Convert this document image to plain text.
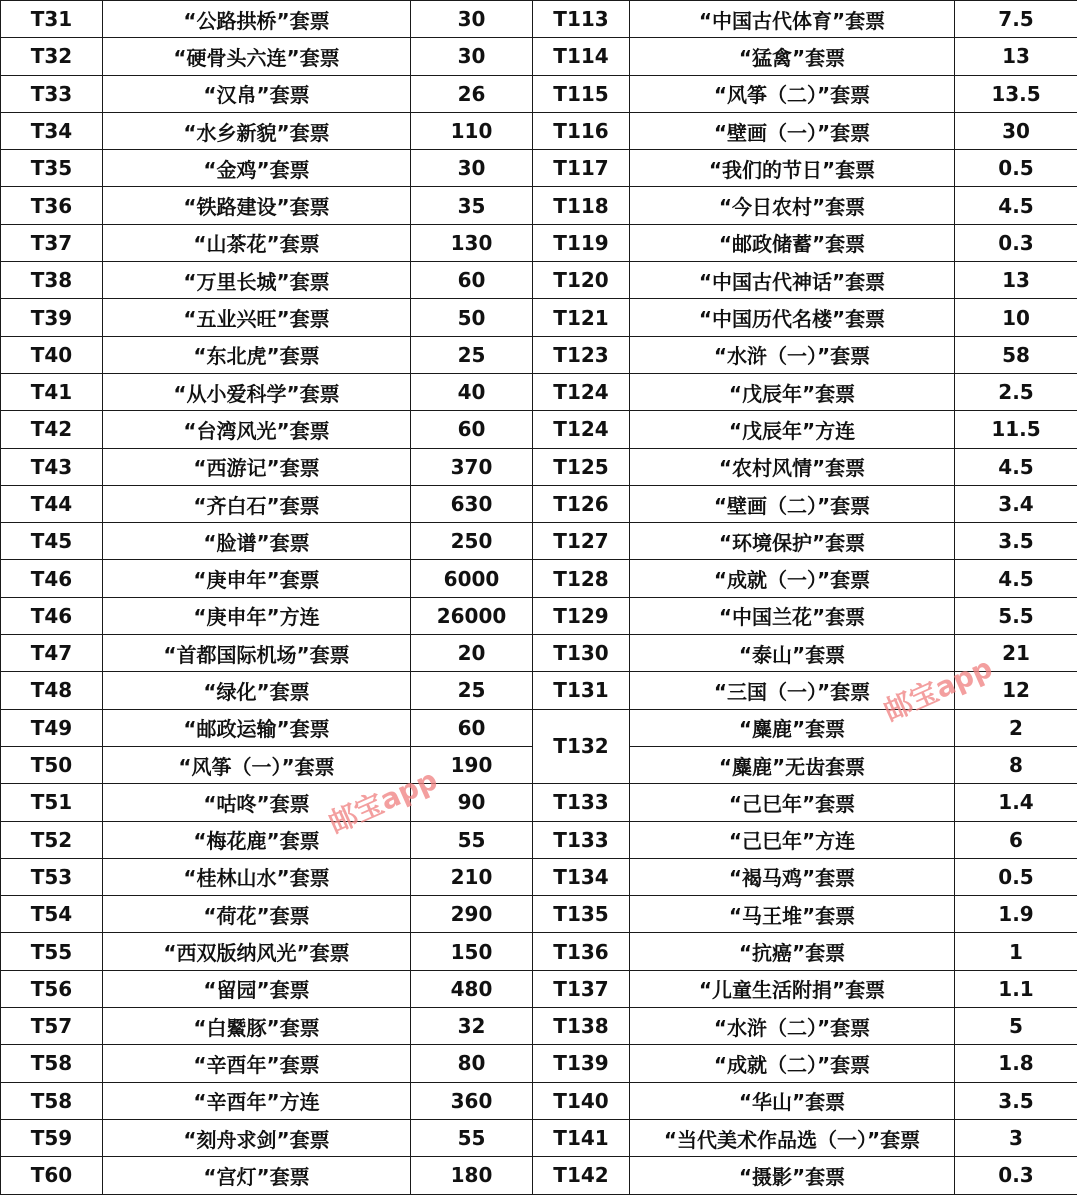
T31	“公路拱桥”套票	30	T113	“中国古代体育”套票	7.5
T32	“硬骨头六连”套票	30	T114	“猛禽”套票	13
T33	“汉帛”套票	26	T115	“风筝（二）”套票	13.5
T34	“水乡新貌”套票	110	T116	“壁画（一）”套票	30
T35	“金鸡”套票	30	T117	“我们的节日”套票	0.5
T36	“铁路建设”套票	35	T118	“今日农村”套票	4.5
T37	“山茶花”套票	130	T119	“邮政储蓄”套票	0.3
T38	“万里长城”套票	60	T120	“中国古代神话”套票	13
T39	“五业兴旺”套票	50	T121	“中国历代名楼”套票	10
T40	“东北虎”套票	25	T123	“水浒（一）”套票	58
T41	“从小爱科学”套票	40	T124	“戊辰年”套票	2.5
T42	“台湾风光”套票	60	T124	“戊辰年”方连	11.5
T43	“西游记”套票	370	T125	“农村风情”套票	4.5
T44	“齐白石”套票	630	T126	“壁画（二）”套票	3.4
T45	“脸谱”套票	250	T127	“环境保护”套票	3.5
T46	“庚申年”套票	6000	T128	“成就（一）”套票	4.5
T46	“庚申年”方连	26000	T129	“中国兰花”套票	5.5
T47	“首都国际机场”套票	20	T130	“泰山”套票	21
T48	“绿化”套票	25	T131	“三国（一）”套票	12
T49	“邮政运输”套票	60	T132	“麋鹿”套票	2
T50	“风筝（一）”套票	190		“麋鹿”无齿套票	8
T51	“咕咚”套票	90	T133	“己巳年”套票	1.4
T52	“梅花鹿”套票	55	T133	“己巳年”方连	6
T53	“桂林山水”套票	210	T134	“褐马鸡”套票	0.5
T54	“荷花”套票	290	T135	“马王堆”套票	1.9
T55	“西双版纳风光”套票	150	T136	“抗癌”套票	1
T56	“留园”套票	480	T137	“儿童生活附捐”套票	1.1
T57	“白鱀豚”套票	32	T138	“水浒（二）”套票	5
T58	“辛酉年”套票	80	T139	“成就（二）”套票	1.8
T58	“辛酉年”方连	360	T140	“华山”套票	3.5
T59	“刻舟求剑”套票	55	T141	“当代美术作品选（一）”套票	3
T60	“宫灯”套票	180	T142	“摄影”套票	0.3
邮宝app
邮宝app
